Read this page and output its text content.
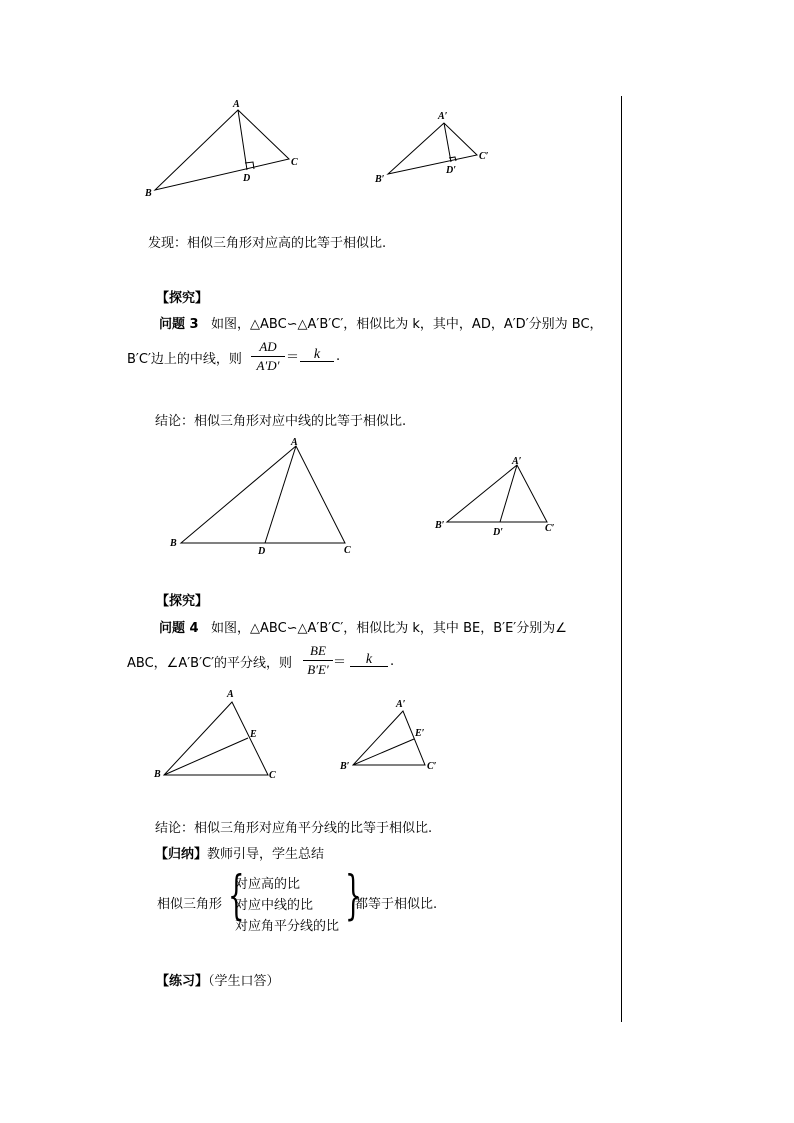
A
B
C
D
A′
B′
C′
D′
A
B
C
D
A′
B′	C′
D′
A
B	C
E
A′
B′	C′
E′
发现：相似三角形对应高的比等于相似比.
【探究】
问题 3 如图，△ABC∽△A′B′C′，相似比为 k，其中，AD，A′D′分别为 BC，
B′C′边上的中线，则
AD
A′D′
＝	k	.
结论：相似三角形对应中线的比等于相似比.
【探究】
问题 4 如图，△ABC∽△A′B′C′，相似比为 k，其中 BE，B′E′分别为∠
ABC，∠A′B′C′的平分线，则
BE
B′E′ ＝	k	.
结论：相似三角形对应角平分线的比等于相似比.
【归纳】教师引导，学生总结
相似三角形 {
对应高的比
对应中线的比
对应角平分线的比
}
都等于相似比.
【练习】（学生口答）
